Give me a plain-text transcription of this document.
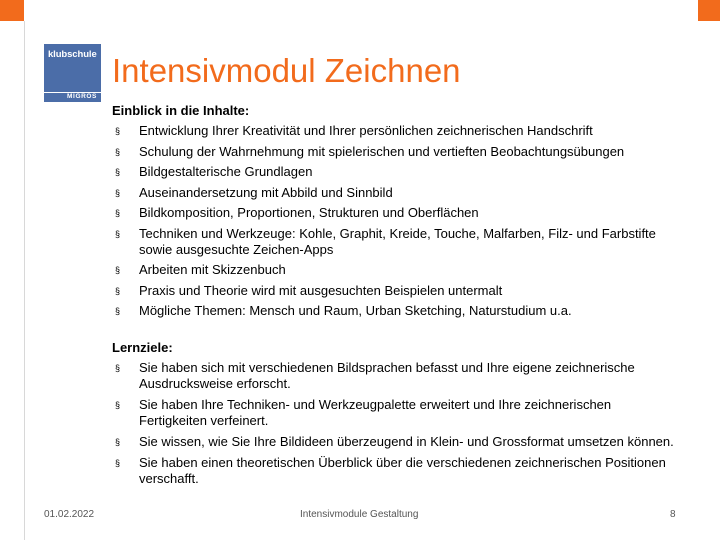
klubschule
MIGROS
Intensivmodul Zeichnen
Einblick in die Inhalte:
§ Entwicklung Ihrer Kreativität und Ihrer persönlichen zeichnerischen Handschrift
§ Schulung der Wahrnehmung mit spielerischen und vertieften Beobachtungsübungen
§ Bildgestalterische Grundlagen
§ Auseinandersetzung mit Abbild und Sinnbild
§ Bildkomposition, Proportionen, Strukturen und Oberflächen
§ Techniken und Werkzeuge: Kohle, Graphit, Kreide, Touche, Malfarben, Filz- und Farbstifte sowie ausgesuchte Zeichen-Apps
§ Arbeiten mit Skizzenbuch
§ Praxis und Theorie wird mit ausgesuchten Beispielen untermalt
§ Mögliche Themen: Mensch und Raum, Urban Sketching, Naturstudium u.a.
Lernziele:
§ Sie haben sich mit verschiedenen Bildsprachen befasst und Ihre eigene zeichnerische Ausdrucksweise erforscht.
§ Sie haben Ihre Techniken- und Werkzeugpalette erweitert und Ihre zeichnerischen Fertigkeiten verfeinert.
§ Sie wissen, wie Sie Ihre Bildideen überzeugend in Klein- und Grossformat umsetzen können.
§ Sie haben einen theoretischen Überblick über die verschiedenen zeichnerischen Positionen verschafft.
01.02.2022	Intensivmodule Gestaltung	8
